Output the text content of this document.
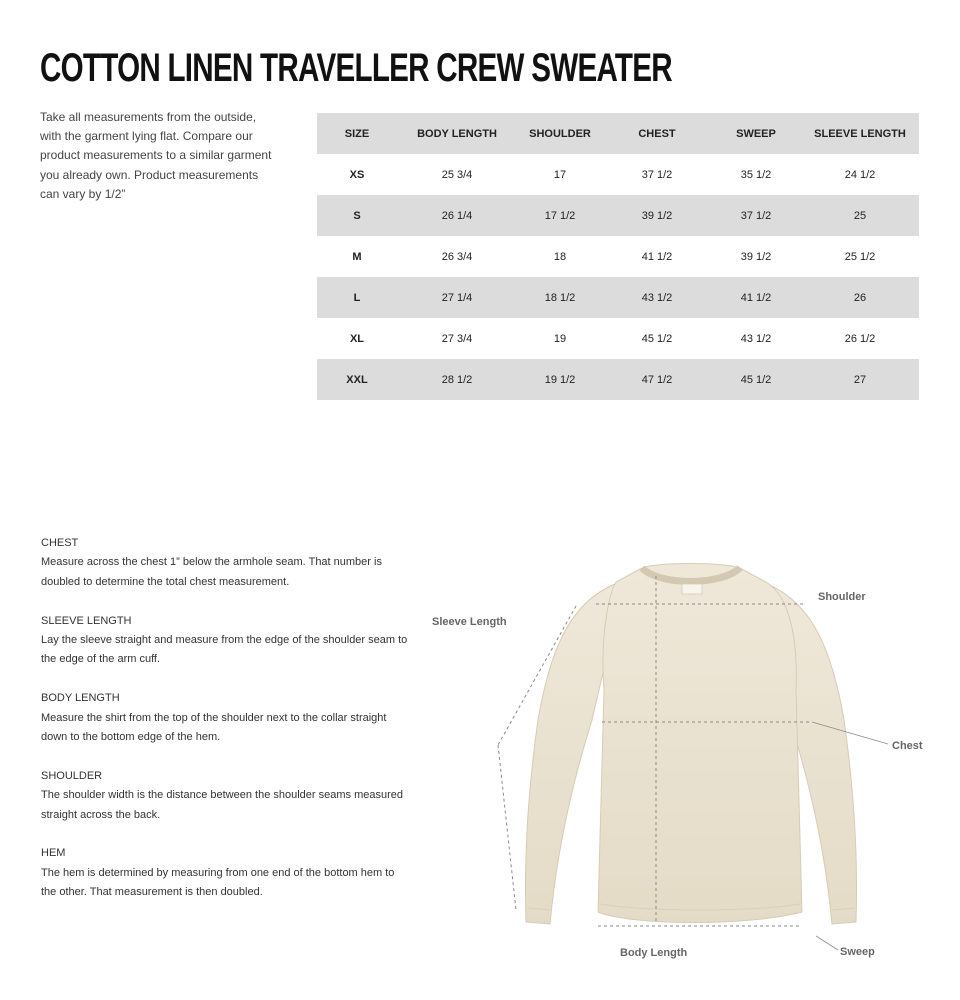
COTTON LINEN TRAVELLER CREW SWEATER

Take all measurements from the outside, with the garment lying flat. Compare our product measurements to a similar garment you already own. Product measurements can vary by 1/2”

SIZE	BODY LENGTH	SHOULDER	CHEST	SWEEP	SLEEVE LENGTH
XS	25 3/4	17	37 1/2	35 1/2	24 1/2
S	26 1/4	17 1/2	39 1/2	37 1/2	25
M	26 3/4	18	41 1/2	39 1/2	25 1/2
L	27 1/4	18 1/2	43 1/2	41 1/2	26
XL	27 3/4	19	45 1/2	43 1/2	26 1/2
XXL	28 1/2	19 1/2	47 1/2	45 1/2	27
CHEST
Measure across the chest 1” below the armhole seam. That number is doubled to determine the total chest measurement.
SLEEVE LENGTH
Lay the sleeve straight and measure from the edge of the shoulder seam to the edge of the arm cuff.
BODY LENGTH
Measure the shirt from the top of the shoulder next to the collar straight down to the bottom edge of the hem.
SHOULDER
The shoulder width is the distance between the shoulder seams measured straight across the back.
HEM
The hem is determined by measuring from one end of the bottom hem to the other. That measurement is then doubled.
Shoulder
Sleeve Length
Chest
Body Length	Sweep
